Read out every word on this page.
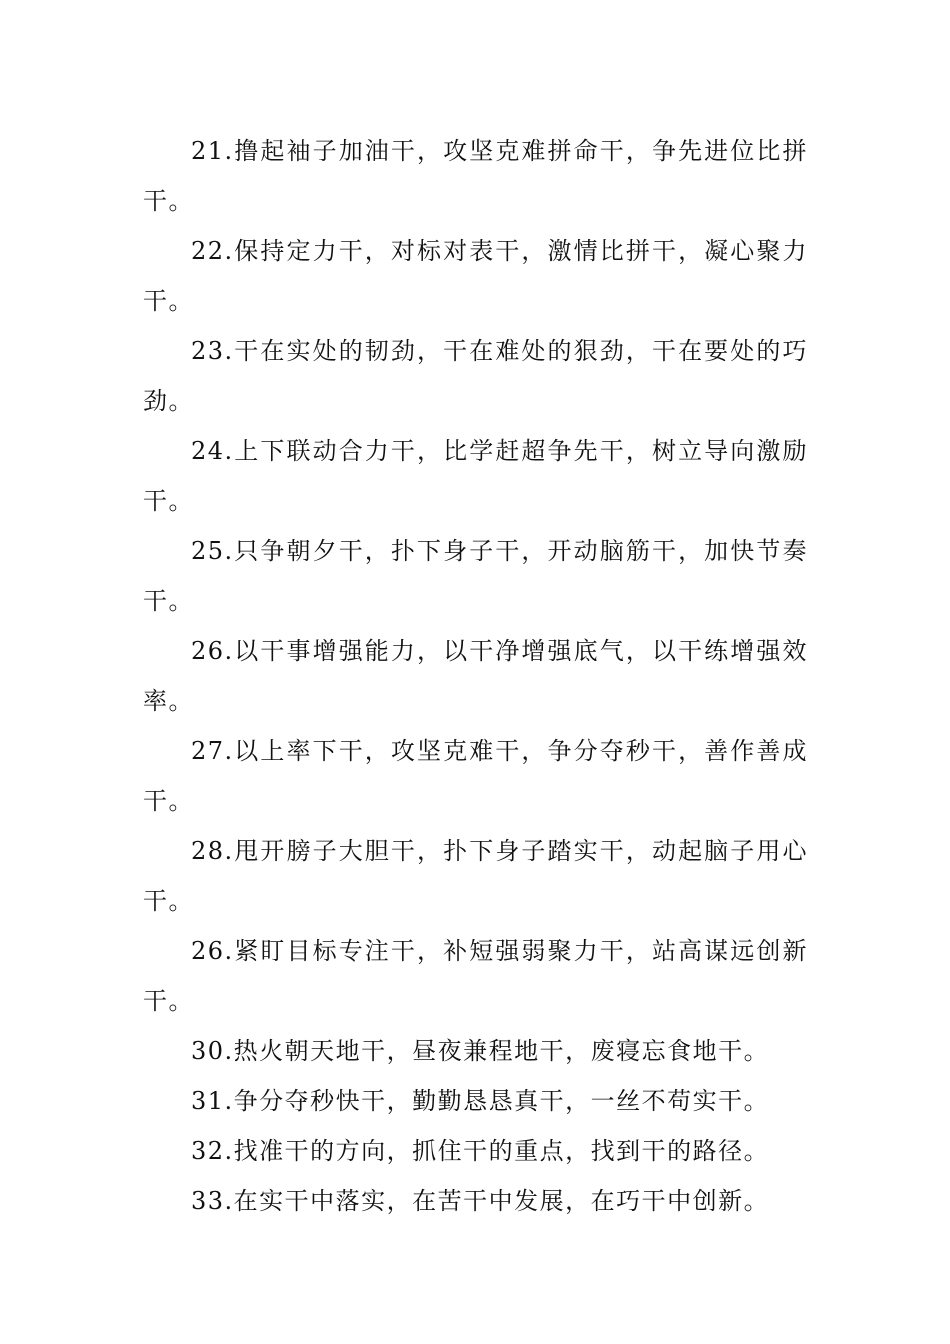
21.撸起袖子加油干，攻坚克难拼命干，争先进位比拼干。

22.保持定力干，对标对表干，激情比拼干，凝心聚力干。

23.干在实处的韧劲，干在难处的狠劲，干在要处的巧劲。

24.上下联动合力干，比学赶超争先干，树立导向激励干。

25.只争朝夕干，扑下身子干，开动脑筋干，加快节奏干。

26.以干事增强能力，以干净增强底气，以干练增强效率。

27.以上率下干，攻坚克难干，争分夺秒干，善作善成干。

28.甩开膀子大胆干，扑下身子踏实干，动起脑子用心干。

26.紧盯目标专注干，补短强弱聚力干，站高谋远创新干。

30.热火朝天地干，昼夜兼程地干，废寝忘食地干。

31.争分夺秒快干，勤勤恳恳真干，一丝不苟实干。

32.找准干的方向，抓住干的重点，找到干的路径。

33.在实干中落实，在苦干中发展，在巧干中创新。
